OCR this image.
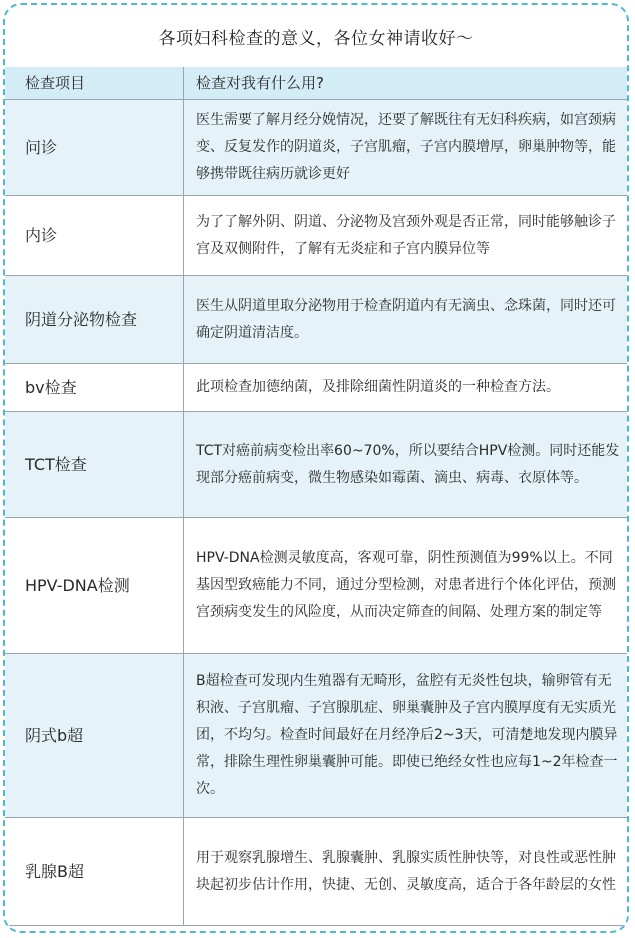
各项妇科检查的意义，各位女神请收好～
检查项目	检查对我有什么用?
问诊	医生需要了解月经分娩情况，还要了解既往有无妇科疾病，如宫颈病变、反复发作的阴道炎，子宫肌瘤，子宫内膜增厚，卵巢肿物等，能够携带既往病历就诊更好
内诊	为了了解外阴、阴道、分泌物及宫颈外观是否正常，同时能够触诊子宫及双侧附件，了解有无炎症和子宫内膜异位等
阴道分泌物检查	医生从阴道里取分泌物用于检查阴道内有无滴虫、念珠菌，同时还可确定阴道清洁度。
bv检查	此项检查加德纳菌，及排除细菌性阴道炎的一种检查方法。
TCT检查	TCT对癌前病变检出率60~70%，所以要结合HPV检测。同时还能发现部分癌前病变，微生物感染如霉菌、滴虫、病毒、衣原体等。
HPV-DNA检测	HPV-DNA检测灵敏度高，客观可靠，阴性预测值为99%以上。不同基因型致癌能力不同，通过分型检测，对患者进行个体化评估，预测宫颈病变发生的风险度，从而决定筛查的间隔、处理方案的制定等
阴式b超	B超检查可发现内生殖器有无畸形，盆腔有无炎性包块，输卵管有无积液、子宫肌瘤、子宫腺肌症、卵巢囊肿及子宫内膜厚度有无实质光团，不均匀。检查时间最好在月经净后2~3天，可清楚地发现内膜异常，排除生理性卵巢囊肿可能。即使已绝经女性也应每1~2年检查一次。
乳腺B超	用于观察乳腺增生、乳腺囊肿、乳腺实质性肿快等，对良性或恶性肿块起初步估计作用，快捷、无创、灵敏度高，适合于各年龄层的女性
